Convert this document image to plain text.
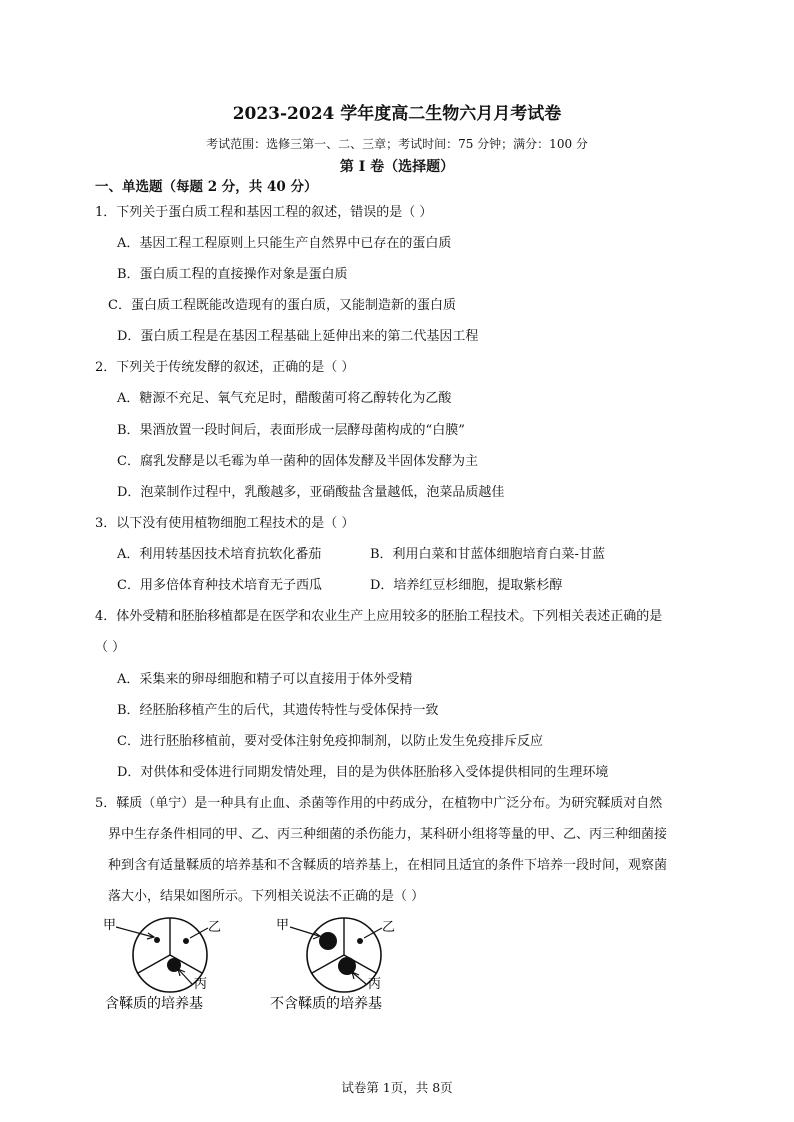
2023-2024 学年度高二生物六月月考试卷
考试范围：选修三第一、二、三章；考试时间：75 分钟；满分：100 分
第 I 卷（选择题）
一、单选题（每题 2 分，共 40 分）
1．下列关于蛋白质工程和基因工程的叙述，错误的是（ ）
A．基因工程工程原则上只能生产自然界中已存在的蛋白质
B．蛋白质工程的直接操作对象是蛋白质
C．蛋白质工程既能改造现有的蛋白质，又能制造新的蛋白质
D．蛋白质工程是在基因工程基础上延伸出来的第二代基因工程
2．下列关于传统发酵的叙述，正确的是（ ）
A．糖源不充足、氧气充足时，醋酸菌可将乙醇转化为乙酸
B．果酒放置一段时间后，表面形成一层酵母菌构成的“白膜”
C．腐乳发酵是以毛霉为单一菌种的固体发酵及半固体发酵为主
D．泡菜制作过程中，乳酸越多，亚硝酸盐含量越低，泡菜品质越佳
3．以下没有使用植物细胞工程技术的是（ ）
A．利用转基因技术培育抗软化番茄	B．利用白菜和甘蓝体细胞培育白菜-甘蓝
C．用多倍体育种技术培育无子西瓜	D．培养红豆杉细胞，提取紫杉醇
4．体外受精和胚胎移植都是在医学和农业生产上应用较多的胚胎工程技术。下列相关表述正确的是
（ ）
A．采集来的卵母细胞和精子可以直接用于体外受精
B．经胚胎移植产生的后代，其遗传特性与受体保持一致
C．进行胚胎移植前，要对受体注射免疫抑制剂，以防止发生免疫排斥反应
D．对供体和受体进行同期发情处理，目的是为供体胚胎移入受体提供相同的生理环境
5．鞣质（单宁）是一种具有止血、杀菌等作用的中药成分，在植物中广泛分布。为研究鞣质对自然
界中生存条件相同的甲、乙、丙三种细菌的杀伤能力，某科研小组将等量的甲、乙、丙三种细菌接
种到含有适量鞣质的培养基和不含鞣质的培养基上，在相同且适宜的条件下培养一段时间，观察菌
落大小，结果如图所示。下列相关说法不正确的是（ ）
甲	乙
丙
含鞣质的培养基
甲	乙
丙
不含鞣质的培养基
试卷第 1页，共 8页
